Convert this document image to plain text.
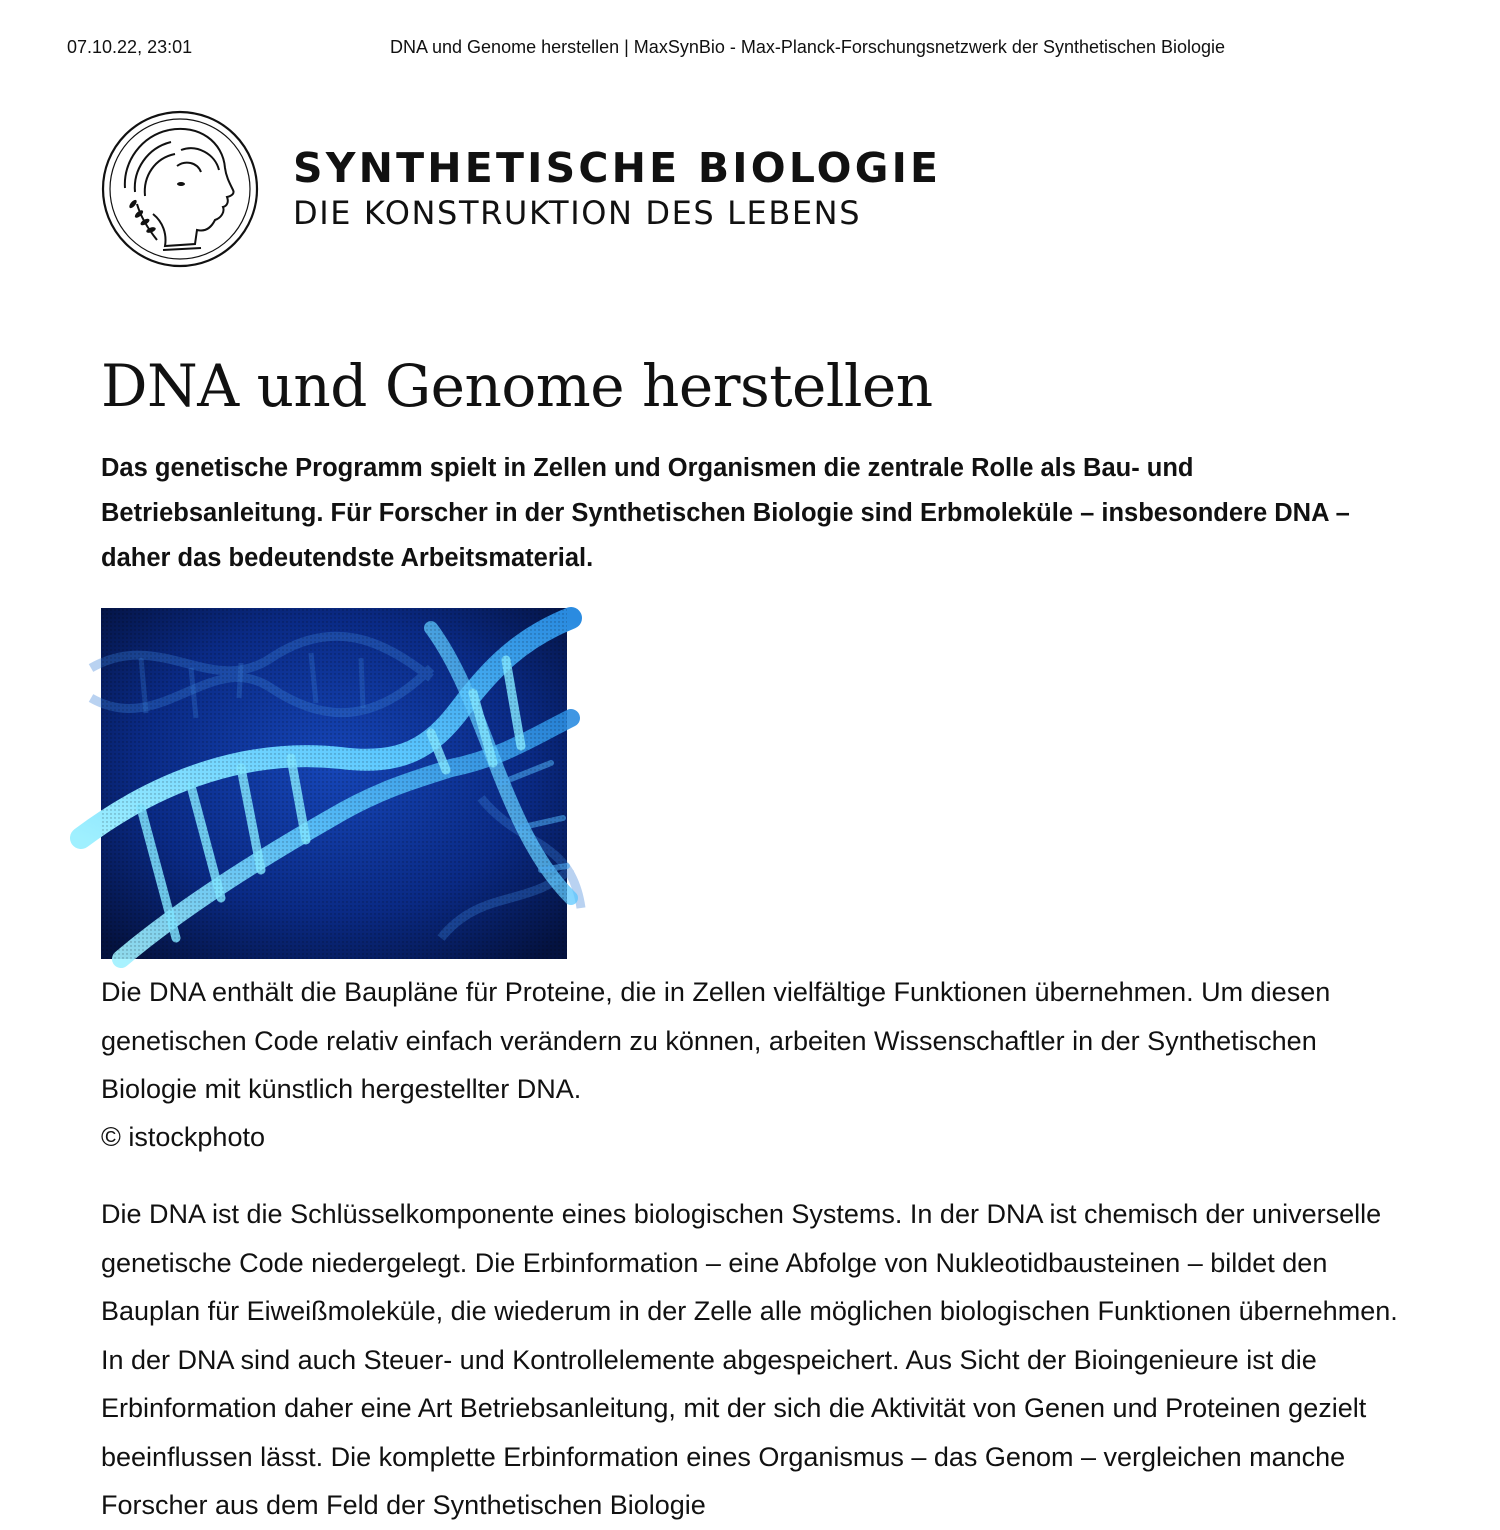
07.10.22, 23:01	DNA und Genome herstellen | MaxSynBio - Max-Planck-Forschungsnetzwerk der Synthetischen Biologie
SYNTHETISCHE BIOLOGIE
DIE KONSTRUKTION DES LEBENS
DNA und Genome herstellen

Das genetische Programm spielt in Zellen und Organismen die zentrale Rolle als Bau- und Betriebsanleitung. Für Forscher in der Synthetischen Biologie sind Erbmoleküle – insbesondere DNA – daher das bedeutendste Arbeitsmaterial.

Die DNA enthält die Baupläne für Proteine, die in Zellen vielfältige Funktionen übernehmen. Um diesen genetischen Code relativ einfach verändern zu können, arbeiten Wissenschaftler in der Synthetischen Biologie mit künstlich hergestellter DNA.

© istockphoto

Die DNA ist die Schlüsselkomponente eines biologischen Systems. In der DNA ist chemisch der universelle genetische Code niedergelegt. Die Erbinformation – eine Abfolge von Nukleotidbausteinen – bildet den Bauplan für Eiweißmoleküle, die wiederum in der Zelle alle möglichen biologischen Funktionen übernehmen. In der DNA sind auch Steuer- und Kontrollelemente abgespeichert. Aus Sicht der Bioingenieure ist die Erbinformation daher eine Art Betriebsanleitung, mit der sich die Aktivität von Genen und Proteinen gezielt beeinflussen lässt. Die komplette Erbinformation eines Organismus – das Genom – vergleichen manche Forscher aus dem Feld der Synthetischen Biologie
